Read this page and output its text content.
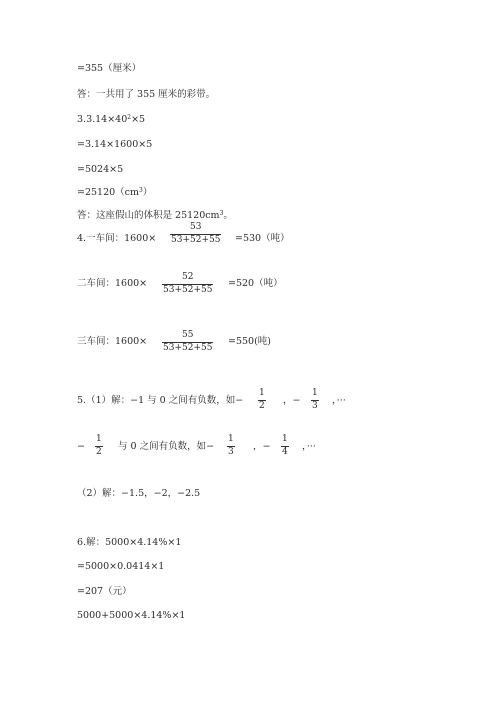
=355（厘米）
答：一共用了 355 厘米的彩带。
$3.3.14\times 40^2\times 5$
=3.14×1600×5
=5024×5
$=25120(cm^3)$
答：这座假山的体积是 $25120cm^3$。
4.一车间：1600×
53
53+52+55 =530（吨）
二车间：1600×
52
53+52+55
=520（吨）
三车间：1600×
55
53+52+55
=550(吨)
5.（1）解：−1 与 0 之间有负数，如−
1
2 ，−
1
3 ，···
−
1
2 与 0 之间有负数，如−
1
3 ，−
1
4 ，···
（2）解：−1.5，−2，−2.5
6.解：5000×4.14%×1
=5000×0.0414×1
=207（元）
5000+5000×4.14%×1
